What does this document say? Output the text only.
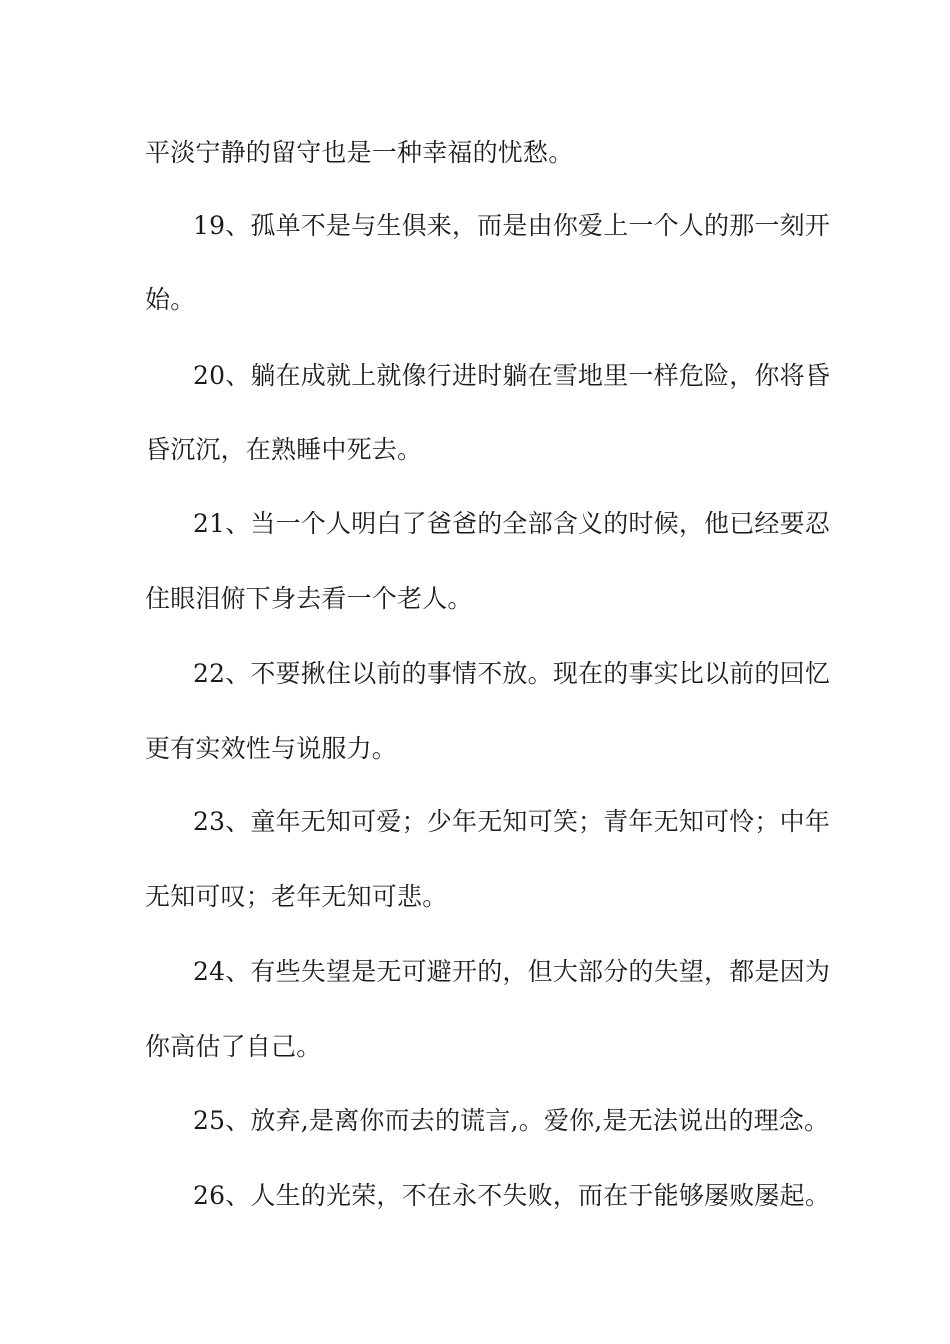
平淡宁静的留守也是一种幸福的忧愁。
19、孤单不是与生俱来，而是由你爱上一个人的那一刻开
始。
20、躺在成就上就像行进时躺在雪地里一样危险，你将昏
昏沉沉，在熟睡中死去。
21、当一个人明白了爸爸的全部含义的时候，他已经要忍
住眼泪俯下身去看一个老人。
22、不要揪住以前的事情不放。现在的事实比以前的回忆
更有实效性与说服力。
23、童年无知可爱；少年无知可笑；青年无知可怜；中年
无知可叹；老年无知可悲。
24、有些失望是无可避开的，但大部分的失望，都是因为
你高估了自己。
25、放弃,是离你而去的谎言,。爱你,是无法说出的理念。
26、人生的光荣，不在永不失败，而在于能够屡败屡起。
